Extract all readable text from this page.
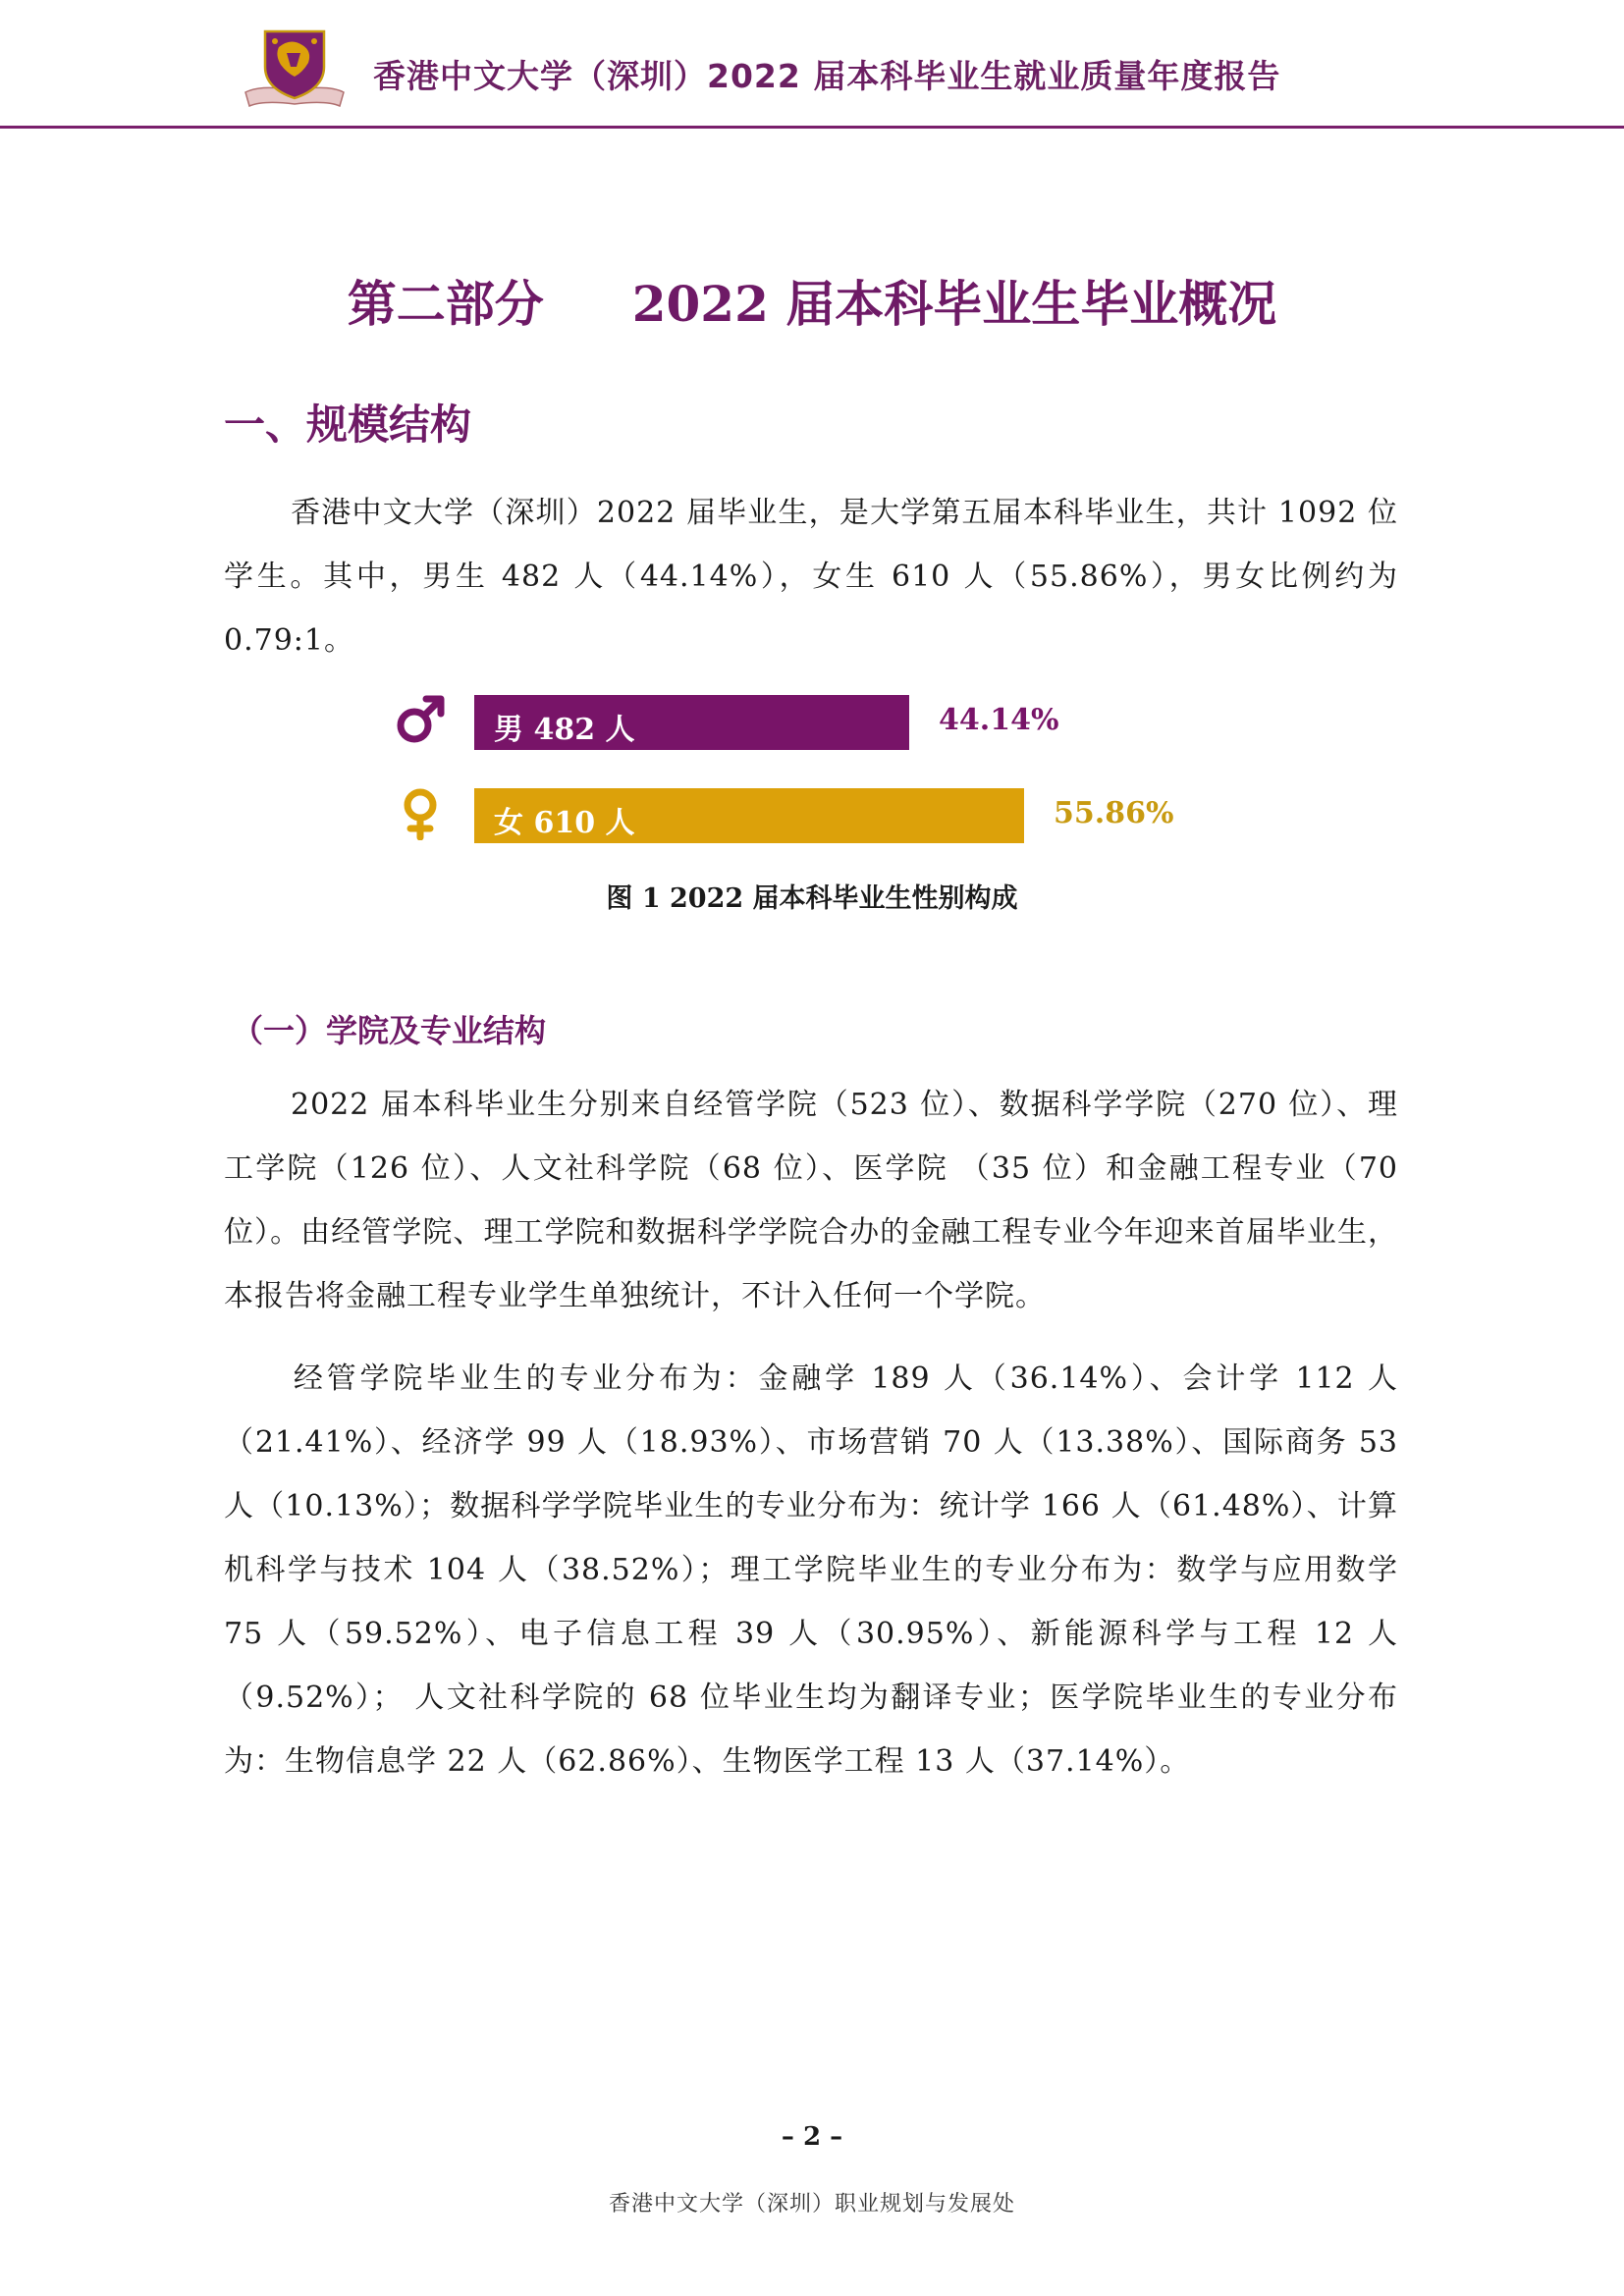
香港中文大学（深圳）2022 届本科毕业生就业质量年度报告
第二部分 2022 届本科毕业生毕业概况
一、规模结构
香港中文大学（深圳）2022 届毕业生，是大学第五届本科毕业生，共计 1092 位学生。其中，男生 482 人（44.14%），女生 610 人（55.86%），男女比例约为 0.79:1。
男 482 人	44.14%
女 610 人	55.86%
图 1 2022 届本科毕业生性别构成
（一）学院及专业结构
2022 届本科毕业生分别来自经管学院（523 位）、数据科学学院（270 位）、理工学院（126 位）、人文社科学院（68 位）、医学院 （35 位）和金融工程专业（70 位）。由经管学院、理工学院和数据科学学院合办的金融工程专业今年迎来首届毕业生，本报告将金融工程专业学生单独统计，不计入任何一个学院。
经管学院毕业生的专业分布为：金融学 189 人（36.14%）、会计学 112 人（21.41%）、经济学 99 人（18.93%）、市场营销 70 人（13.38%）、国际商务 53 人（10.13%）；数据科学学院毕业生的专业分布为：统计学 166 人（61.48%）、计算机科学与技术 104 人（38.52%）；理工学院毕业生的专业分布为：数学与应用数学 75 人（59.52%）、电子信息工程 39 人（30.95%）、新能源科学与工程 12 人（9.52%）； 人文社科学院的 68 位毕业生均为翻译专业；医学院毕业生的专业分布为：生物信息学 22 人（62.86%）、生物医学工程 13 人（37.14%）。
– 2 –
香港中文大学（深圳）职业规划与发展处
